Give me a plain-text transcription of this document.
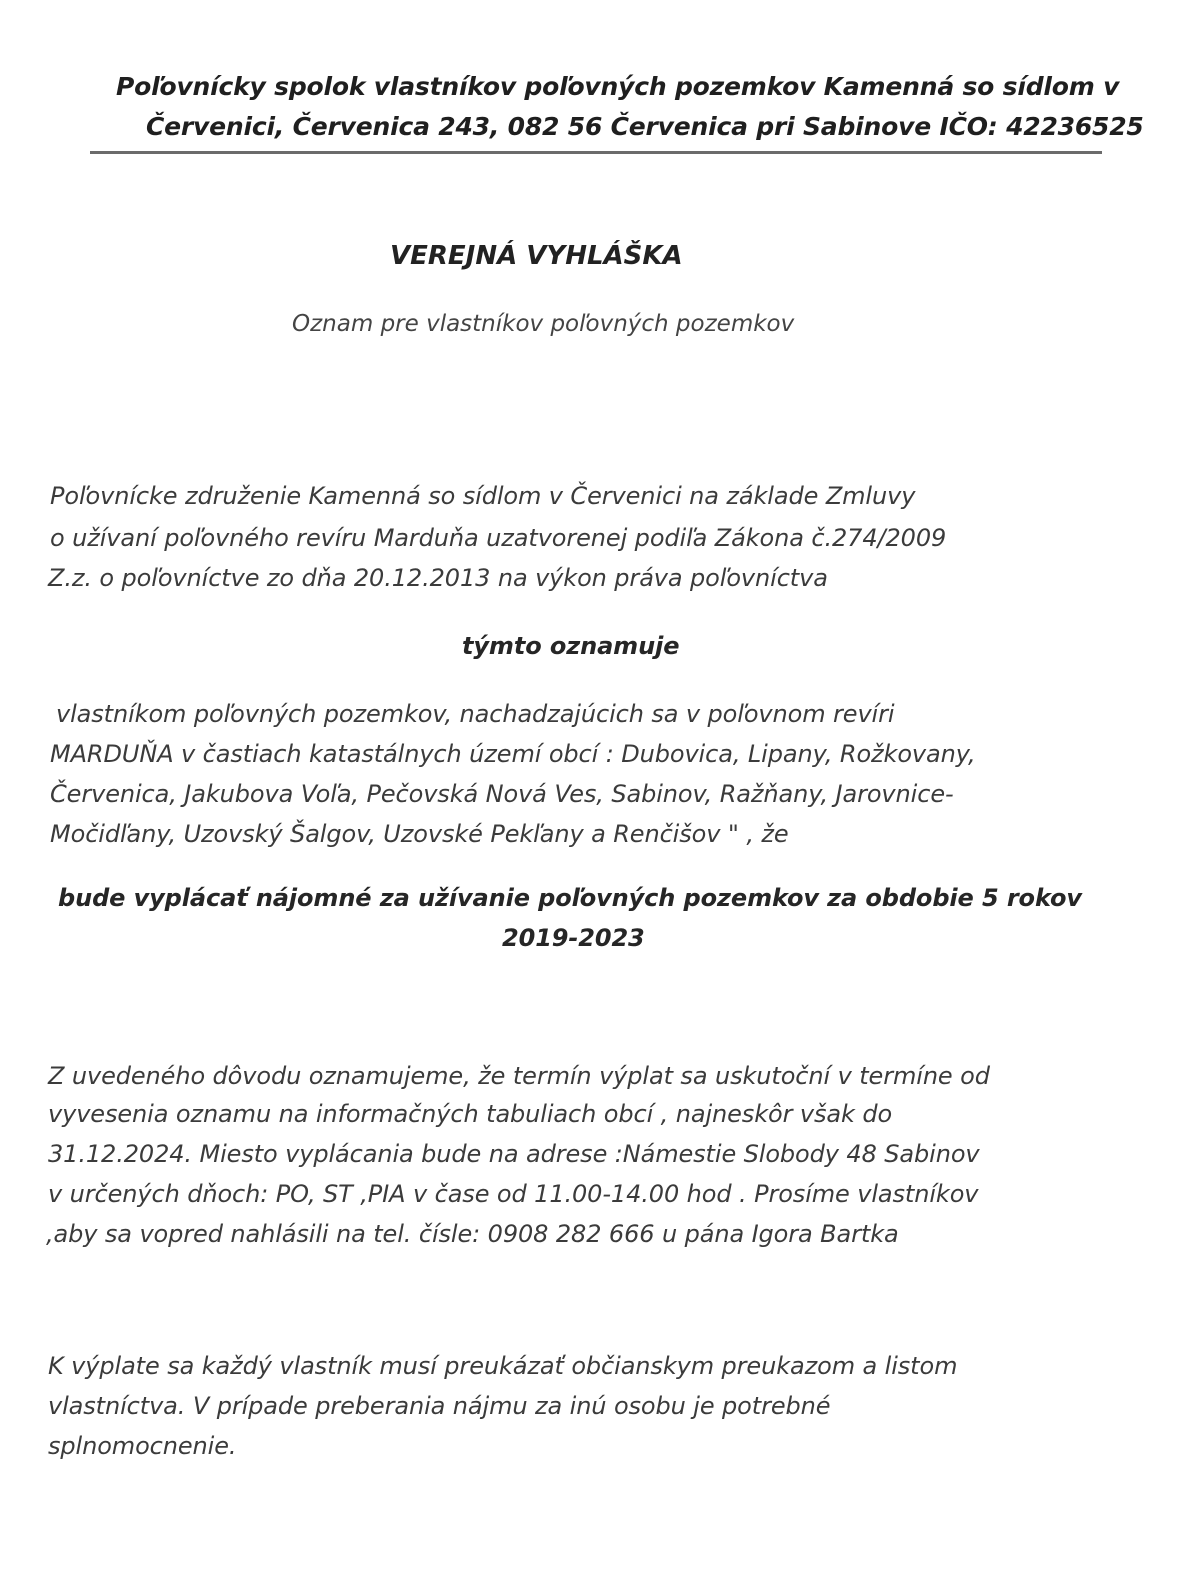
Poľovnícky spolok vlastníkov poľovných pozemkov Kamenná so sídlom v
Červenici, Červenica 243, 082 56 Červenica pri Sabinove IČO: 42236525
VEREJNÁ VYHLÁŠKA
Oznam pre vlastníkov poľovných pozemkov
Poľovnícke združenie Kamenná so sídlom v Červenici na základe Zmluvy
o užívaní poľovného revíru Marduňa uzatvorenej podiľa Zákona č.274/2009
Z.z. o poľovníctve zo dňa 20.12.2013 na výkon práva poľovníctva
týmto oznamuje
vlastníkom poľovných pozemkov, nachadzajúcich sa v poľovnom revíri
MARDUŇA v častiach katastálnych území obcí : Dubovica, Lipany, Rožkovany,
Červenica, Jakubova Voľa, Pečovská Nová Ves, Sabinov, Ražňany, Jarovnice-
Močidľany, Uzovský Šalgov, Uzovské Pekľany a Renčišov " , že
bude vyplácať nájomné za užívanie poľovných pozemkov za obdobie 5 rokov
2019-2023
Z uvedeného dôvodu oznamujeme, že termín výplat sa uskutoční v termíne od
vyvesenia oznamu na informačných tabuliach obcí , najneskôr však do
31.12.2024. Miesto vyplácania bude na adrese :Námestie Slobody 48 Sabinov
v určených dňoch: PO, ST ,PIA v čase od 11.00-14.00 hod . Prosíme vlastníkov
,aby sa vopred nahlásili na tel. čísle: 0908 282 666 u pána Igora Bartka
K výplate sa každý vlastník musí preukázať občianskym preukazom a listom
vlastníctva. V prípade preberania nájmu za inú osobu je potrebné
splnomocnenie.
